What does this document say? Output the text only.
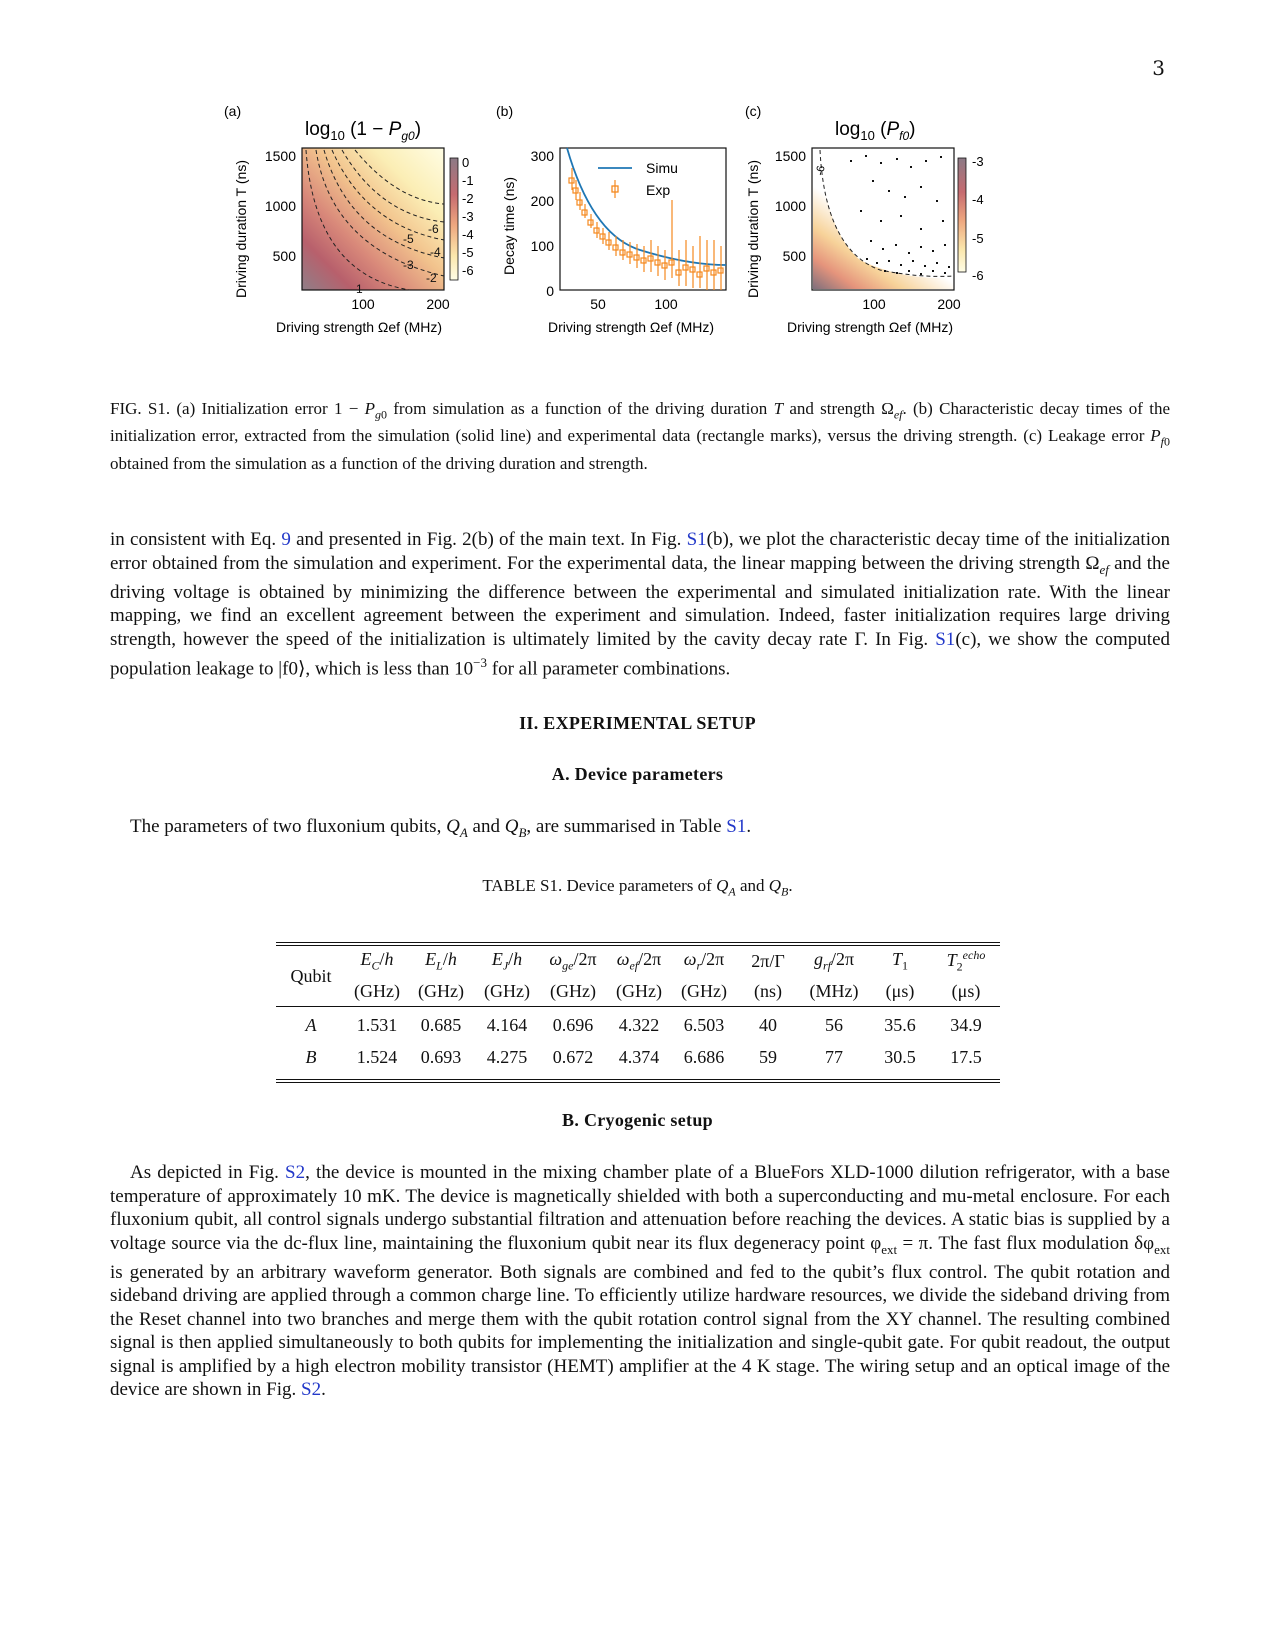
3
(a)
$\log_{10} (1 - P_{g0})$
-6
-5
-4
-3
-2
-1
1500
1000
500
100	200
Driving duration T (ns)
Driving strength Ωef (MHz)
0
-1
-2
-3
-4
-5
-6
(b)
Simu
Exp
300
200
100
0
50	100
Decay time (ns)
Driving strength Ωef (MHz)
(c)
$\log_{10} (P_{f0})$
-6
1500
1000
500
100	200
Driving duration T (ns)
Driving strength Ωef (MHz)
-3
-4
-5
-6
FIG. S1. (a) Initialization error $1 - P_{g0}$ from simulation as a function of the driving duration T and strength $\Omega_{ef}$. (b) Characteristic decay times of the initialization error, extracted from the simulation (solid line) and experimental data (rectangle marks), versus the driving strength. (c) Leakage error $P_{f0}$ obtained from the simulation as a function of the driving duration and strength.
in consistent with Eq. 9 and presented in Fig. 2(b) of the main text. In Fig. S1(b), we plot the characteristic decay time of the initialization error obtained from the simulation and experiment. For the experimental data, the linear mapping between the driving strength $\Omega_{ef}$ and the driving voltage is obtained by minimizing the difference between the experimental and simulated initialization rate. With the linear mapping, we find an excellent agreement between the experiment and simulation. Indeed, faster initialization requires large driving strength, however the speed of the initialization is ultimately limited by the cavity decay rate Γ. In Fig. S1(c), we show the computed population leakage to |f0⟩, which is less than $10^{-3}$ for all parameter combinations.
II. EXPERIMENTAL SETUP
A. Device parameters
The parameters of two fluxonium qubits, $Q_A$ and $Q_B$, are summarised in Table S1.
TABLE S1. Device parameters of $Q_A$ and $Q_B$.
Qubit
$E_C/h$	$E_L/h$	$E_J/h$	$\omega_{ge}/2\pi$	$\omega_{ef}/2\pi$	$\omega_r/2\pi$	2π/Γ	$g_{rf}/2\pi$	$T_1$	$T_2^{echo}$
(GHz)	(GHz)	(GHz)	(GHz)	(GHz)	(GHz)	(ns)	(MHz)	(μs)	(μs)
A	1.531	0.685	4.164	0.696	4.322	6.503	40	56	35.6	34.9
B	1.524	0.693	4.275	0.672	4.374	6.686	59	77	30.5	17.5
B. Cryogenic setup
As depicted in Fig. S2, the device is mounted in the mixing chamber plate of a BlueFors XLD-1000 dilution refrigerator, with a base temperature of approximately 10 mK. The device is magnetically shielded with both a superconducting and mu-metal enclosure. For each fluxonium qubit, all control signals undergo substantial filtration and attenuation before reaching the devices. A static bias is supplied by a voltage source via the dc-flux line, maintaining the fluxonium qubit near its flux degeneracy point $\varphi_{ext} = \pi$. The fast flux modulation $\delta\varphi_{ext}$ is generated by an arbitrary waveform generator. Both signals are combined and fed to the qubit’s flux control. The qubit rotation and sideband driving are applied through a common charge line. To efficiently utilize hardware resources, we divide the sideband driving from the Reset channel into two branches and merge them with the qubit rotation control signal from the XY channel. The resulting combined signal is then applied simultaneously to both qubits for implementing the initialization and single-qubit gate. For qubit readout, the output signal is amplified by a high electron mobility transistor (HEMT) amplifier at the 4 K stage. The wiring setup and an optical image of the device are shown in Fig. S2.
